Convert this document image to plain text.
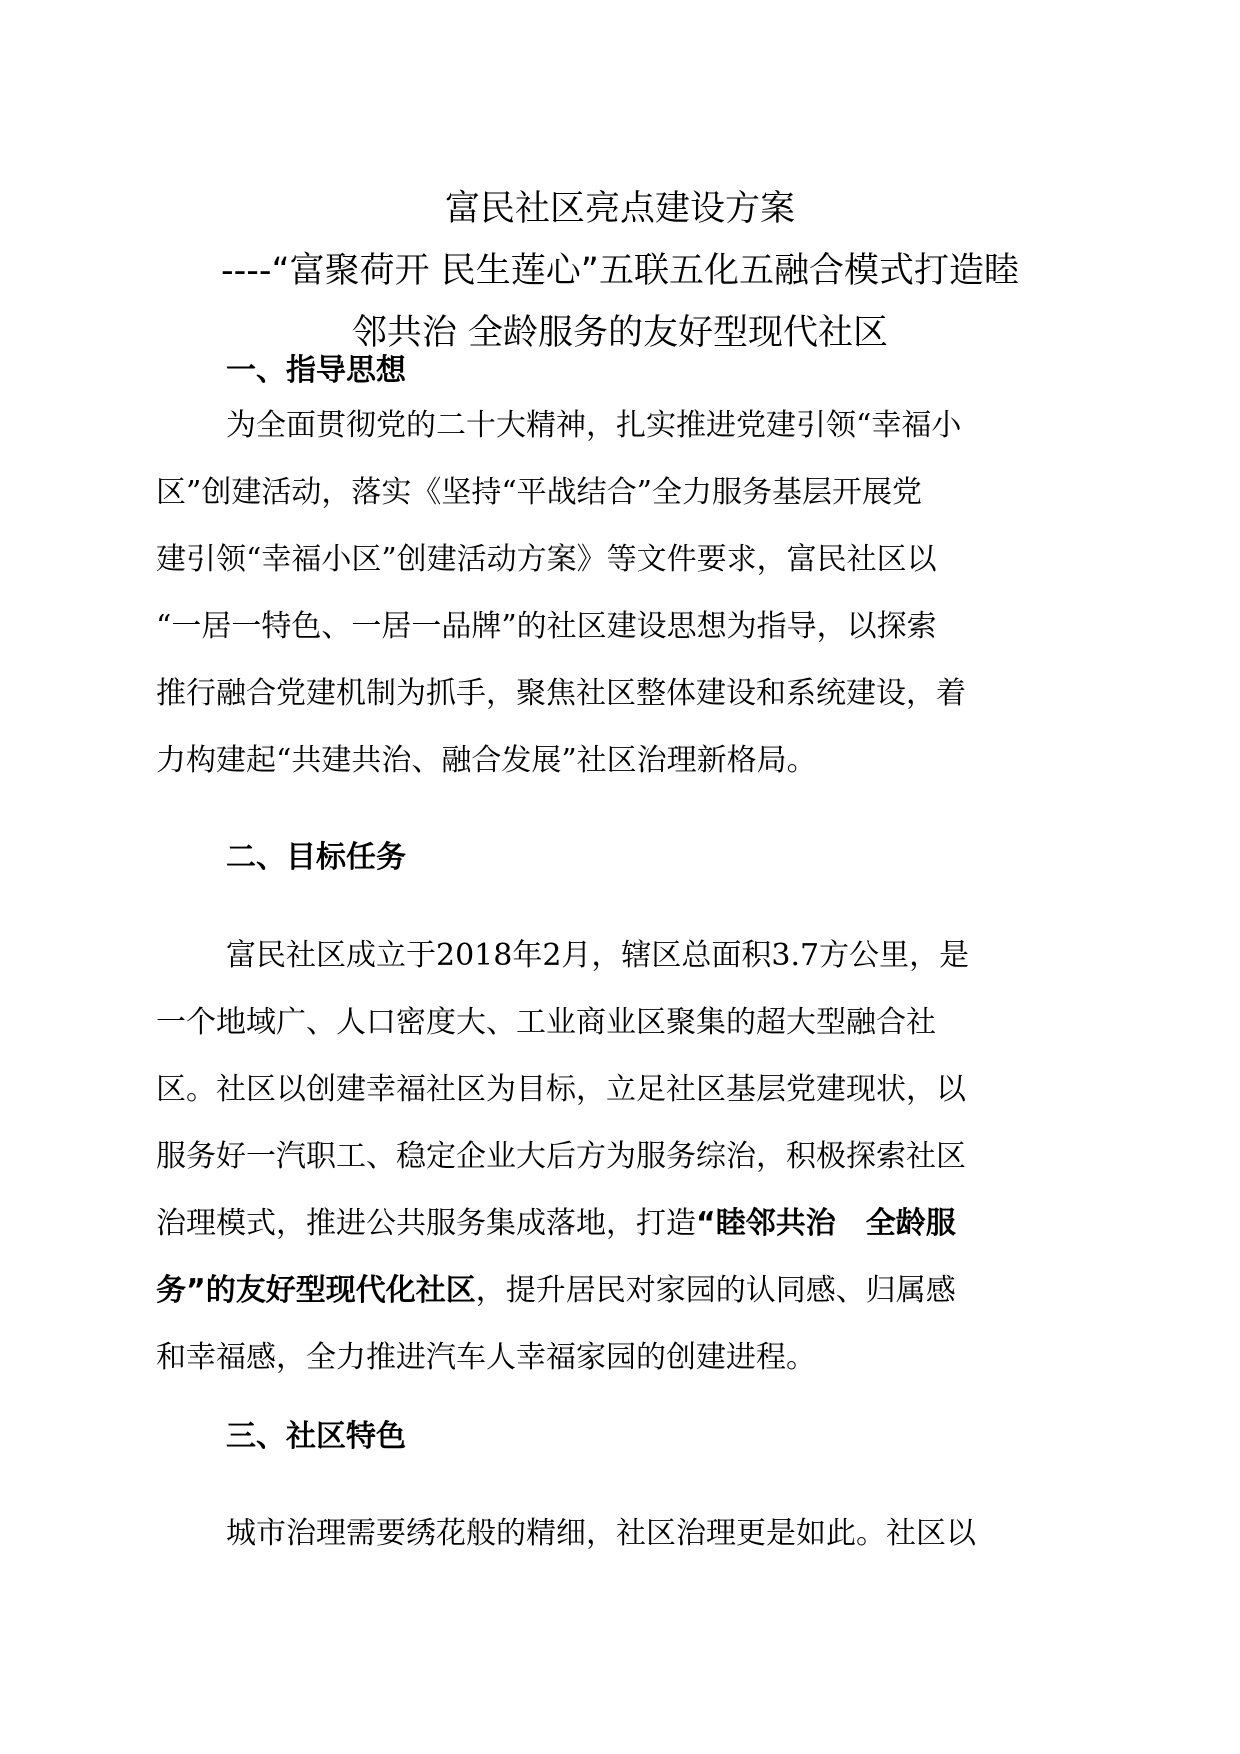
富民社区亮点建设方案
----“富聚荷开 民生莲心”五联五化五融合模式打造睦
邻共治 全龄服务的友好型现代社区
一、指导思想
为全面贯彻党的二十大精神，扎实推进党建引领“幸福小
区”创建活动，落实《坚持“平战结合”全力服务基层开展党
建引领“幸福小区”创建活动方案》等文件要求，富民社区以
“一居一特色、一居一品牌”的社区建设思想为指导，以探索
推行融合党建机制为抓手，聚焦社区整体建设和系统建设，着
力构建起“共建共治、融合发展”社区治理新格局。
二、目标任务
富民社区成立于2018年2月，辖区总面积3.7方公里，是
一个地域广、人口密度大、工业商业区聚集的超大型融合社
区。社区以创建幸福社区为目标，立足社区基层党建现状，以
服务好一汽职工、稳定企业大后方为服务综治，积极探索社区
治理模式，推进公共服务集成落地，打造“睦邻共治　全龄服
务”的友好型现代化社区，提升居民对家园的认同感、归属感
和幸福感，全力推进汽车人幸福家园的创建进程。
三、社区特色
城市治理需要绣花般的精细，社区治理更是如此。社区以
